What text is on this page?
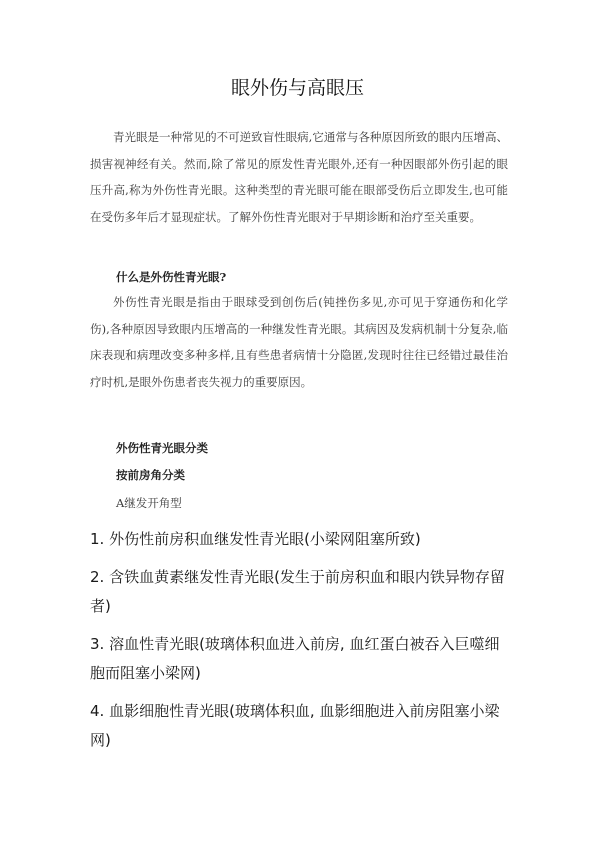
眼外伤与高眼压

青光眼是一种常见的不可逆致盲性眼病,它通常与各种原因所致的眼内压增高、损害视神经有关。然而,除了常见的原发性青光眼外,还有一种因眼部外伤引起的眼压升高,称为外伤性青光眼。这种类型的青光眼可能在眼部受伤后立即发生,也可能在受伤多年后才显现症状。了解外伤性青光眼对于早期诊断和治疗至关重要。

什么是外伤性青光眼?

外伤性青光眼是指由于眼球受到创伤后(钝挫伤多见,亦可见于穿通伤和化学伤),各种原因导致眼内压增高的一种继发性青光眼。其病因及发病机制十分复杂,临床表现和病理改变多种多样,且有些患者病情十分隐匿,发现时往往已经错过最佳治疗时机,是眼外伤患者丧失视力的重要原因。

外伤性青光眼分类
按前房角分类
A继发开角型
1. 外伤性前房积血继发性青光眼(小梁网阻塞所致)
2. 含铁血黄素继发性青光眼(发生于前房积血和眼内铁异物存留者)
3. 溶血性青光眼(玻璃体积血进入前房, 血红蛋白被吞入巨噬细胞而阻塞小梁网)
4. 血影细胞性青光眼(玻璃体积血, 血影细胞进入前房阻塞小梁网)
